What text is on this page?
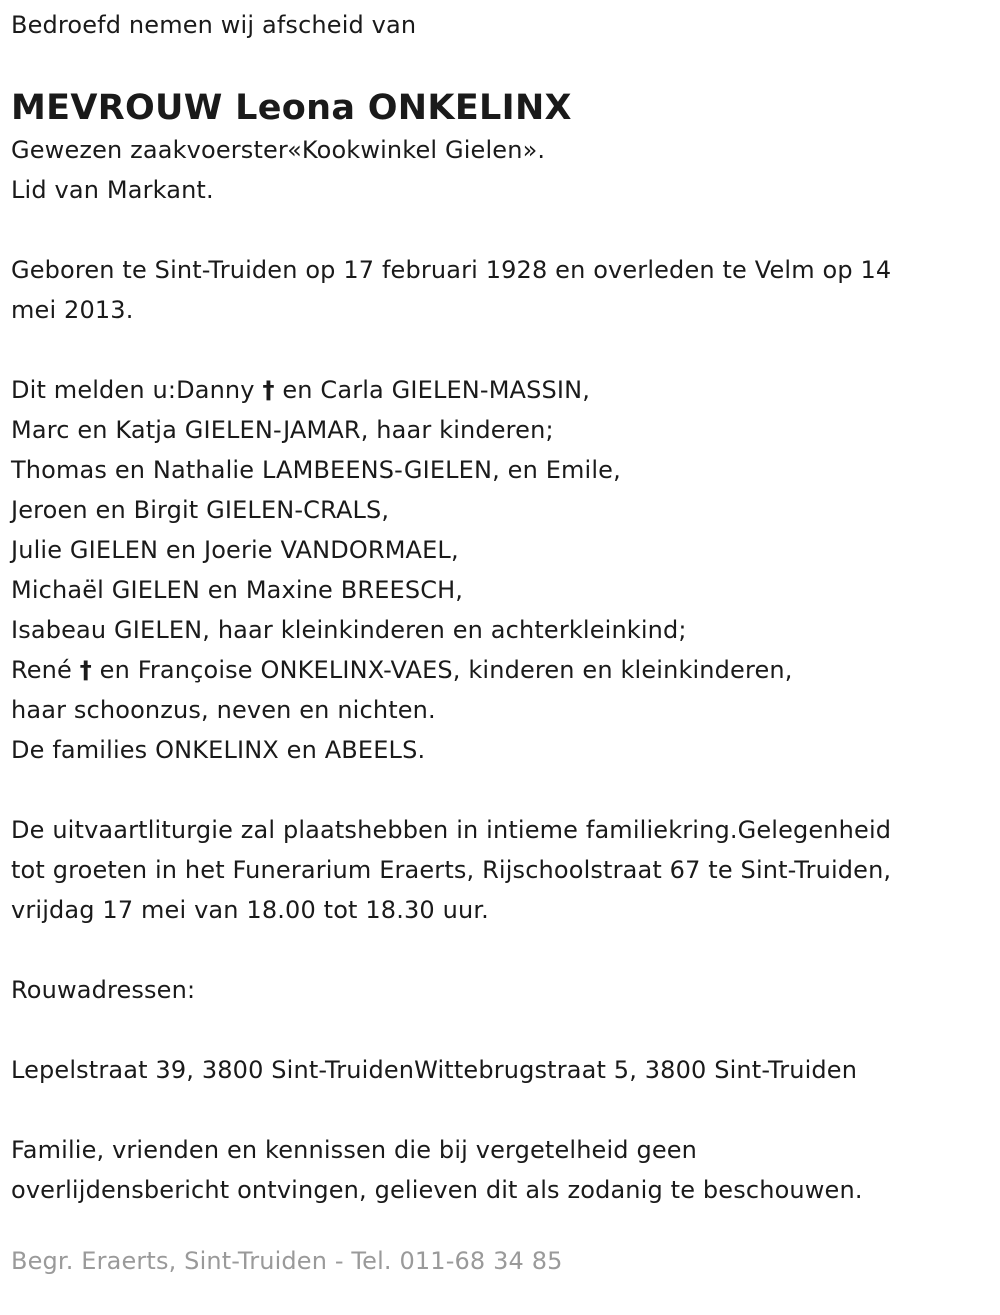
Bedroefd nemen wij afscheid van
MEVROUW Leona ONKELINX
Gewezen zaakvoerster«Kookwinkel Gielen».
Lid van Markant.
Geboren te Sint-Truiden op 17 februari 1928 en overleden te Velm op 14
mei 2013.
Dit melden u:Danny † en Carla GIELEN-MASSIN,
Marc en Katja GIELEN-JAMAR, haar kinderen;
Thomas en Nathalie LAMBEENS-GIELEN, en Emile,
Jeroen en Birgit GIELEN-CRALS,
Julie GIELEN en Joerie VANDORMAEL,
Michaël GIELEN en Maxine BREESCH,
Isabeau GIELEN, haar kleinkinderen en achterkleinkind;
René † en Françoise ONKELINX-VAES, kinderen en kleinkinderen,
haar schoonzus, neven en nichten.
De families ONKELINX en ABEELS.
De uitvaartliturgie zal plaatshebben in intieme familiekring.Gelegenheid
tot groeten in het Funerarium Eraerts, Rijschoolstraat 67 te Sint-Truiden,
vrijdag 17 mei van 18.00 tot 18.30 uur.
Rouwadressen:
Lepelstraat 39, 3800 Sint-TruidenWittebrugstraat 5, 3800 Sint-Truiden
Familie, vrienden en kennissen die bij vergetelheid geen
overlijdensbericht ontvingen, gelieven dit als zodanig te beschouwen.
Begr. Eraerts, Sint-Truiden - Tel. 011-68 34 85
